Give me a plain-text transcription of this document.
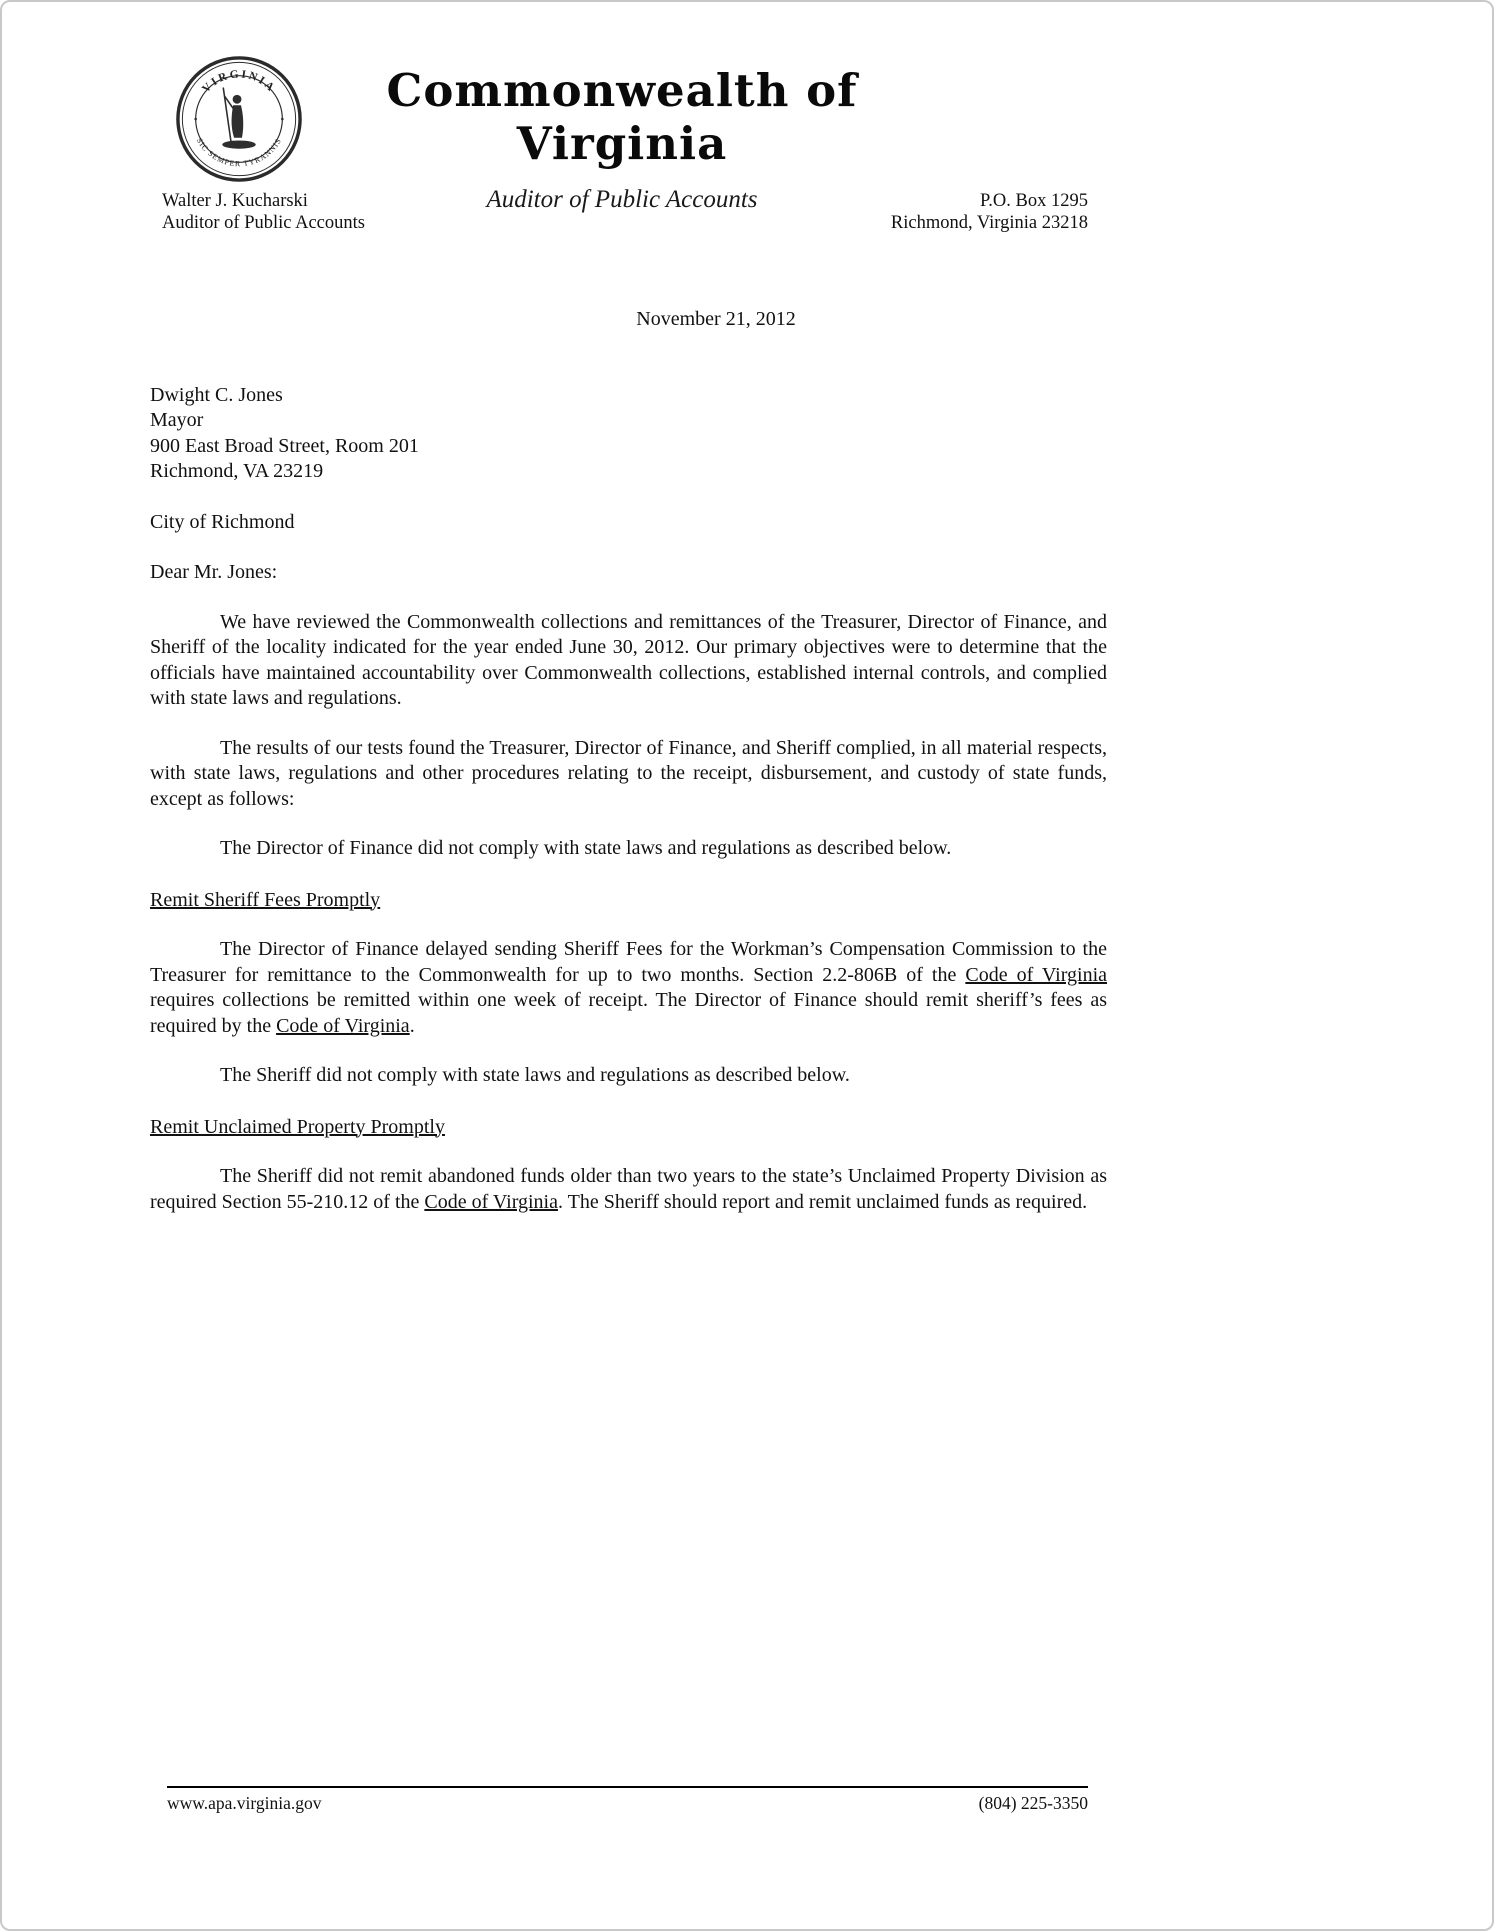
VIRGINIA
SIC SEMPER TYRANNIS
Commonwealth of Virginia
Auditor of Public Accounts
Walter J. Kucharski
Auditor of Public Accounts
P.O. Box 1295
Richmond, Virginia 23218
November 21, 2012

Dwight C. Jones

Mayor

900 East Broad Street, Room 201

Richmond, VA 23219

City of Richmond

Dear Mr. Jones:

We have reviewed the Commonwealth collections and remittances of the Treasurer, Director of Finance, and Sheriff of the locality indicated for the year ended June 30, 2012. Our primary objectives were to determine that the officials have maintained accountability over Commonwealth collections, established internal controls, and complied with state laws and regulations.

The results of our tests found the Treasurer, Director of Finance, and Sheriff complied, in all material respects, with state laws, regulations and other procedures relating to the receipt, disbursement, and custody of state funds, except as follows:

The Director of Finance did not comply with state laws and regulations as described below.

Remit Sheriff Fees Promptly

The Director of Finance delayed sending Sheriff Fees for the Workman’s Compensation Commission to the Treasurer for remittance to the Commonwealth for up to two months. Section 2.2-806B of the Code of Virginia requires collections be remitted within one week of receipt. The Director of Finance should remit sheriff’s fees as required by the Code of Virginia.

The Sheriff did not comply with state laws and regulations as described below.

Remit Unclaimed Property Promptly

The Sheriff did not remit abandoned funds older than two years to the state’s Unclaimed Property Division as required Section 55-210.12 of the Code of Virginia. The Sheriff should report and remit unclaimed funds as required.

www.apa.virginia.gov	(804) 225-3350
